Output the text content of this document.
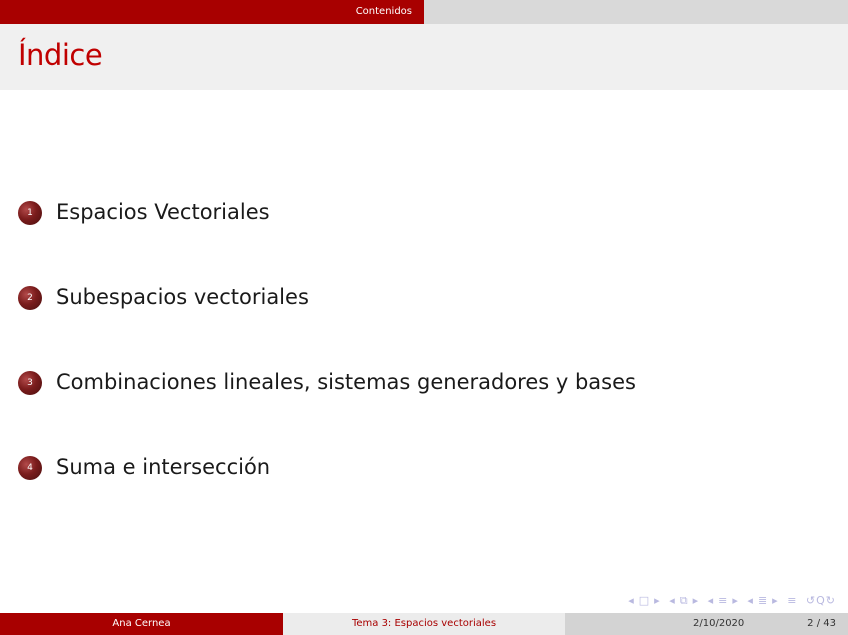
Contenidos
Índice
1	Espacios Vectoriales
2	Subespacios vectoriales
3	Combinaciones lineales, sistemas generadores y bases
4	Suma e intersección
◂ □ ▸ ◂ ⧉ ▸ ◂ ≡ ▸ ◂ ≣ ▸ ≡ ↺Q↻
Ana Cernea	Tema 3: Espacios vectoriales	2/10/2020	2 / 43
